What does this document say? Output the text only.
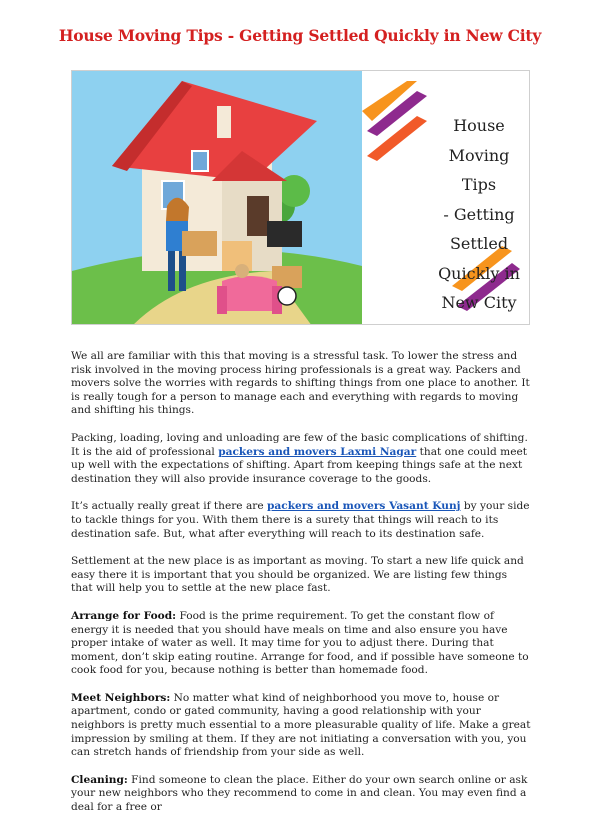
House Moving Tips - Getting Settled Quickly in New City
House
Moving Tips
- Getting
Settled
Quickly in
New City

We all are familiar with this that moving is a stressful task. To lower the stress and risk involved in the moving process hiring professionals is a great way. Packers and movers solve the worries with regards to shifting things from one place to another. It is really tough for a person to manage each and everything with regards to moving and shifting his things.

Packing, loading, loving and unloading are few of the basic complications of shifting. It is the aid of professional packers and movers Laxmi Nagar that one could meet up well with the expectations of shifting. Apart from keeping things safe at the next destination they will also provide insurance coverage to the goods.

It’s actually really great if there are packers and movers Vasant Kunj by your side to tackle things for you. With them there is a surety that things will reach to its destination safe. But, what after everything will reach to its destination safe.

Settlement at the new place is as important as moving. To start a new life quick and easy there it is important that you should be organized. We are listing few things that will help you to settle at the new place fast.

Arrange for Food: Food is the prime requirement. To get the constant flow of energy it is needed that you should have meals on time and also ensure you have proper intake of water as well. It may time for you to adjust there. During that moment, don’t skip eating routine. Arrange for food, and if possible have someone to cook food for you, because nothing is better than homemade food.

Meet Neighbors: No matter what kind of neighborhood you move to, house or apartment, condo or gated community, having a good relationship with your neighbors is pretty much essential to a more pleasurable quality of life. Make a great impression by smiling at them. If they are not initiating a conversation with you, you can stretch hands of friendship from your side as well.

Cleaning: Find someone to clean the place. Either do your own search online or ask your new neighbors who they recommend to come in and clean. You may even find a deal for a free or
